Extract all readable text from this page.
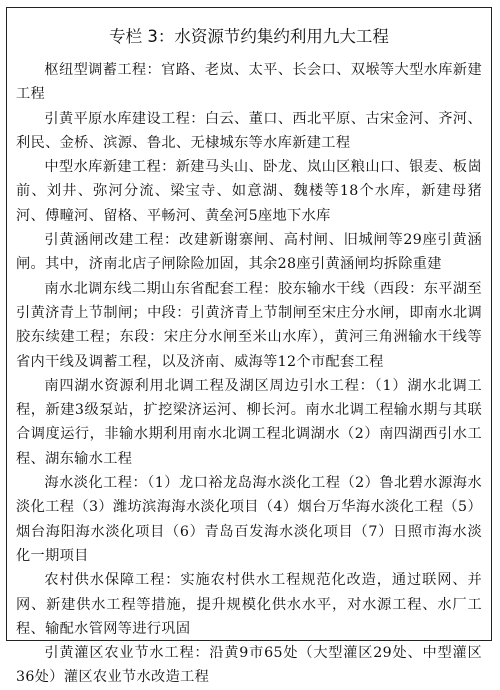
专栏 3：水资源节约集约利用九大工程

枢纽型调蓄工程：官路、老岚、太平、长会口、双堠等大型水库新建工程

引黄平原水库建设工程：白云、董口、西北平原、古宋金河、齐河、利民、金桥、滨源、鲁北、无棣城东等水库新建工程

中型水库新建工程：新建马头山、卧龙、岚山区粮山口、银麦、板崮前、刘井、弥河分流、梁宝寺、如意湖、魏楼等18个水库，新建母猪河、傅疃河、留格、平畅河、黄垒河5座地下水库

引黄涵闸改建工程：改建新谢寨闸、高村闸、旧城闸等29座引黄涵闸。其中，济南北店子闸除险加固，其余28座引黄涵闸均拆除重建

南水北调东线二期山东省配套工程：胶东输水干线（西段：东平湖至引黄济青上节制闸；中段：引黄济青上节制闸至宋庄分水闸，即南水北调胶东续建工程；东段：宋庄分水闸至米山水库），黄河三角洲输水干线等省内干线及调蓄工程，以及济南、威海等12个市配套工程

南四湖水资源利用北调工程及湖区周边引水工程：（1）湖水北调工程，新建3级泵站，扩挖梁济运河、柳长河。南水北调工程输水期与其联合调度运行，非输水期利用南水北调工程北调湖水（2）南四湖西引水工程、湖东输水工程

海水淡化工程：（1）龙口裕龙岛海水淡化工程（2）鲁北碧水源海水淡化工程（3）潍坊滨海海水淡化项目（4）烟台万华海水淡化工程（5）烟台海阳海水淡化项目（6）青岛百发海水淡化项目（7）日照市海水淡化一期项目

农村供水保障工程：实施农村供水工程规范化改造，通过联网、并网、新建供水工程等措施，提升规模化供水水平，对水源工程、水厂工程、输配水管网等进行巩固

引黄灌区农业节水工程：沿黄9市65处（大型灌区29处、中型灌区36处）灌区农业节水改造工程
